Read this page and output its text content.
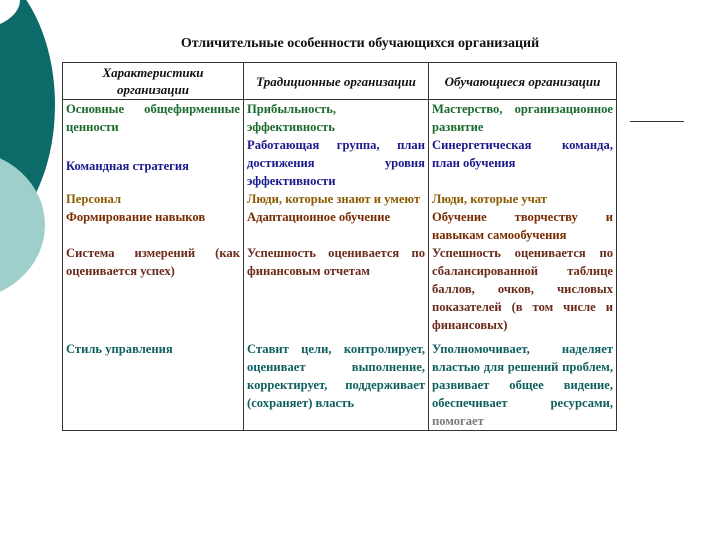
Отличительные особенности обучающихся организаций
Характеристики организации	Традиционные организации	Обучающиеся организации
Основные общефирменные ценности	Прибыльность, эффективность	Мастерство, организационное развитие
Командная стратегия	Работающая группа, план достижения уровня эффективности	Синергетическая команда, план обучения
Персонал	Люди, которые знают и умеют	Люди, которые учат
Формирование навыков	Адаптационное обучение	Обучение творчеству и навыкам самообучения
Система измерений (как оценивается успех)	Успешность оценивается по финансовым отчетам	Успешность оценивается по сбалансированной таблице баллов, очков, числовых показателей (в том числе и финансовых)
Стиль управления	Ставит цели, контролирует, оценивает выполнение, корректирует, поддерживает (сохраняет) власть	Уполномочивает, наделяет властью для решений проблем, развивает общее видение, обеспечивает ресурсами, помогает
